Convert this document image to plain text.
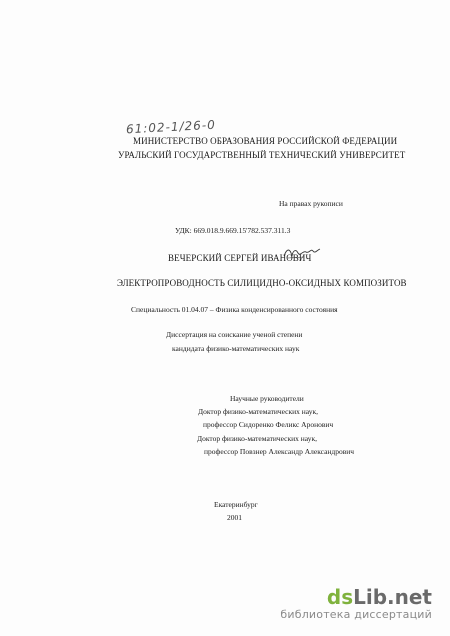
61:02-1/26-0
МИНИСТЕРСТВО ОБРАЗОВАНИЯ РОССИЙСКОЙ ФЕДЕРАЦИИ
УРАЛЬСКИЙ ГОСУДАРСТВЕННЫЙ ТЕХНИЧЕСКИЙ УНИВЕРСИТЕТ
На правах рукописи
УДК: 669.018.9.669.15'782.537.311.3
ВЕЧЕРСКИЙ СЕРГЕЙ ИВАНОВИЧ
ЭЛЕКТРОПРОВОДНОСТЬ СИЛИЦИДНО-ОКСИДНЫХ КОМПОЗИТОВ
Специальность 01.04.07 – Физика конденсированного состояния
Диссертация на соискание ученой степени
кандидата физико-математических наук
Научные руководители
Доктор физико-математических наук,
профессор Сидоренко Феликс Аронович
Доктор физико-математических наук,
профессор Повзнер Александр Александрович
Екатеринбург
2001
dsLib.net
библиотека диссертаций
